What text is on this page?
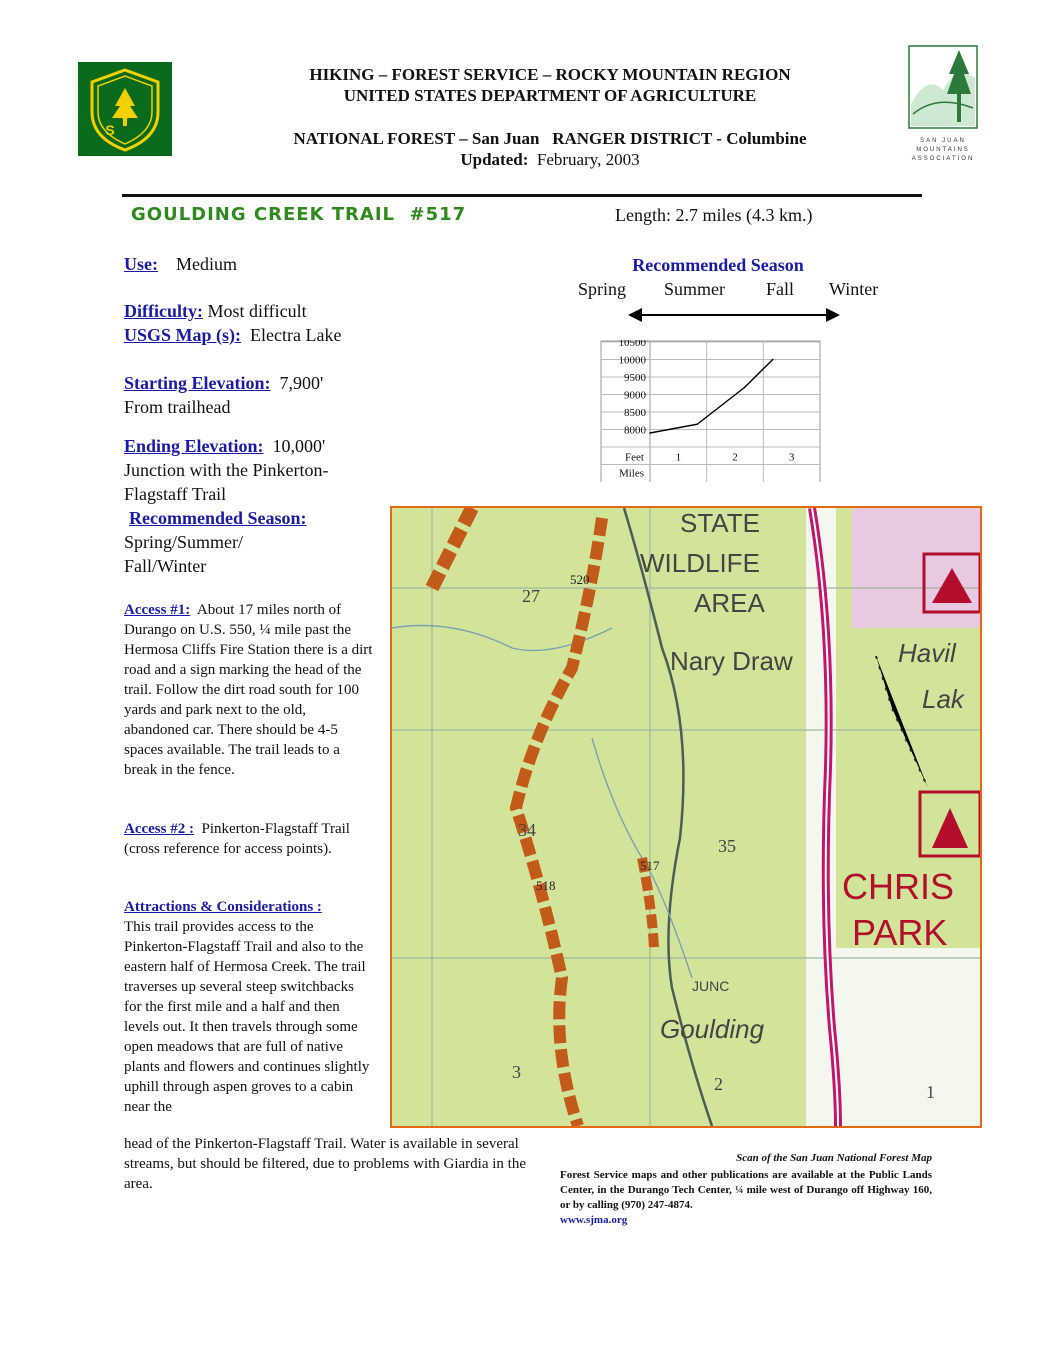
U S
SAN JUAN MOUNTAINS ASSOCIATION
HIKING – FOREST SERVICE – ROCKY MOUNTAIN REGION
UNITED STATES DEPARTMENT OF AGRICULTURE
NATIONAL FOREST – San Juan RANGER DISTRICT - Columbine
Updated: February, 2003
GOULDING CREEK TRAIL  #517	Length: 2.7 miles (4.3 km.)
Use: Medium
Difficulty: Most difficult
USGS Map (s): Electra Lake
Starting Elevation: 7,900'
From trailhead
Ending Elevation: 10,000'
Junction with the Pinkerton-
Flagstaff Trail
Recommended Season:
Spring/Summer/
Fall/Winter
Recommended Season
Spring Summer Fall Winter
8000
8500
9000
9500
10000
10500
Feet
Miles
1	2	3
Access #1: About 17 miles north of Durango on U.S. 550, ¼ mile past the Hermosa Cliffs Fire Station there is a dirt road and a sign marking the head of the trail. Follow the dirt road south for 100 yards and park next to the old, abandoned car. There should be 4-5 spaces available. The trail leads to a break in the fence.
Access #2 : Pinkerton-Flagstaff Trail (cross reference for access points).
Attractions & Considerations :
This trail provides access to the Pinkerton-Flagstaff Trail and also to the eastern half of Hermosa Creek. The trail traverses up several steep switchbacks for the first mile and a half and then levels out. It then travels through some open meadows that are full of native plants and flowers and continues slightly uphill through aspen groves to a cabin near the
head of the Pinkerton-Flagstaff Trail. Water is available in several streams, but should be filtered, due to problems with Giardia in the area.
STATE
WILDLIFE
AREA
Nary Draw	Havil
Lak
CHRIS
PARK
27
34
35
3
2	1
520
518
517
JUNC
Goulding
Scan of the San Juan National Forest Map
Forest Service maps and other publications are available at the Public Lands Center, in the Durango Tech Center, ¼ mile west of Durango off Highway 160, or by calling (970) 247-4874.
www.sjma.org
